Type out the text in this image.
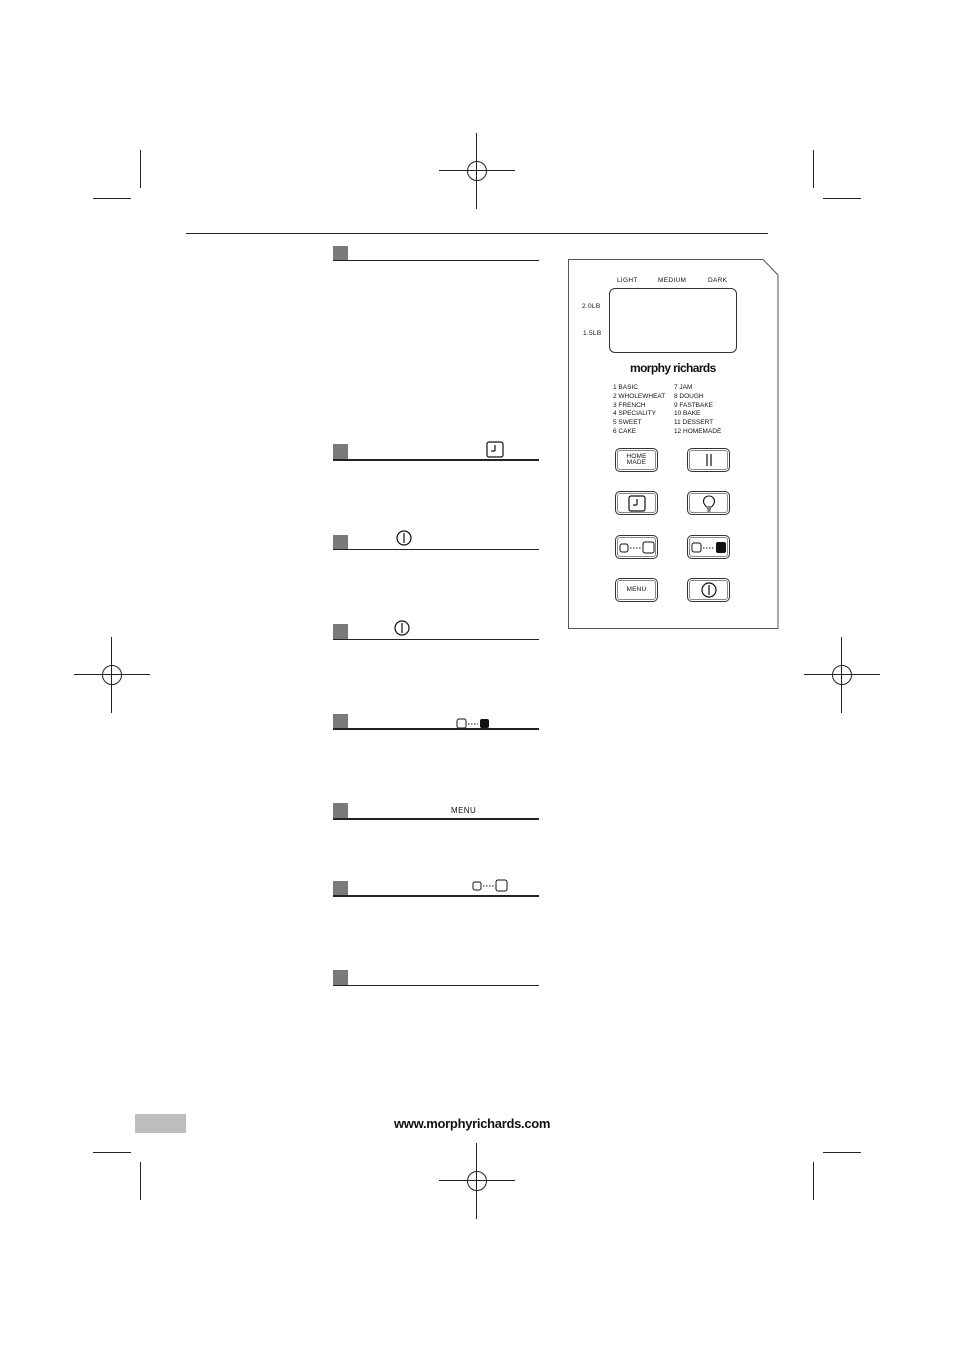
MENU
LIGHT	MEDIUM	DARK
2.0LB
1.5LB
morphy richards
1 BASIC
2 WHOLEWHEAT
3 FRENCH
4 SPECIALITY
5 SWEET
6 CAKE
7 JAM
8 DOUGH
9 FASTBAKE
10 BAKE
11 DESSERT
12 HOMEMADE
HOME MADE
MENU
www.morphyrichards.com
